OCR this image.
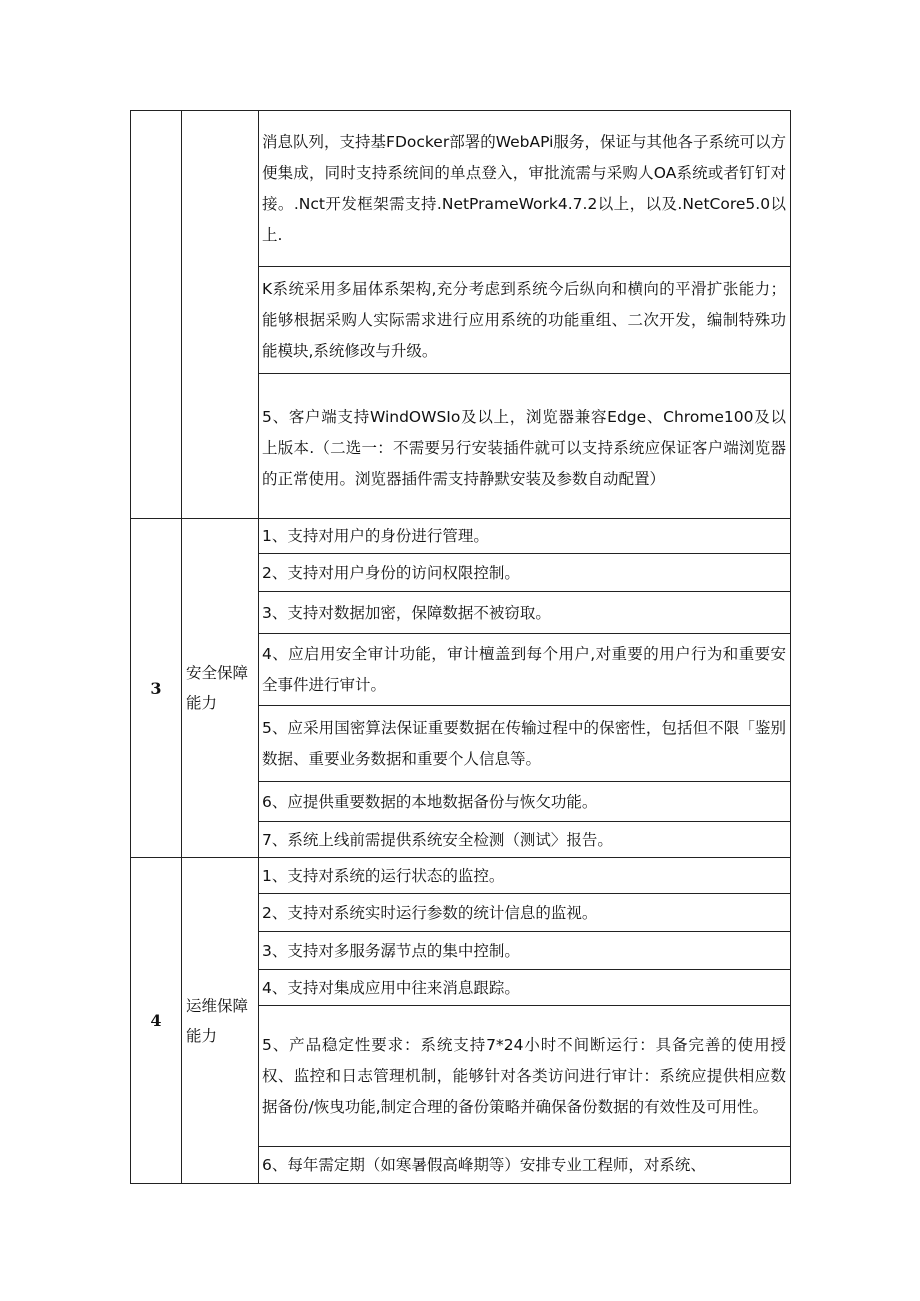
		消息队列，支持基FDocker部署的WebAPi服务，保证与其他各子系统可以方便集成，同时支持系统间的单点登入，审批流需与采购人OA系统或者钉钉对接。.Nct开发框架需支持.NetPrameWork4.7.2以上，以及.NetCore5.0以上.
		K系统采用多届体系架构,充分考虑到系统今后纵向和横向的平滑扩张能力；能够根据采购人实际需求进行应用系统的功能重组、二次开发，编制特殊功能模块,系统修改与升级。
		5、客户端支持WindOWSIo及以上，浏览器兼容Edge、Chrome100及以上版本.（二选一：不需要另行安装插件就可以支持系统应保证客户端浏览器的正常使用。浏览器插件需支持静默安装及参数自动配置）
3	安全保障能力	1、支持对用户的身份进行管理。
		2、支持对用户身份的访问权限控制。
		3、支持对数据加密，保障数据不被窃取。
		4、应启用安全审计功能，审计檀盖到每个用户,对重要的用户行为和重要安全事件进行审计。
		5、应采用国密算法保证重要数据在传输过程中的保密性，包括但不限「鉴别数据、重要业务数据和重要个人信息等。
		6、应提供重要数据的本地数据备份与恢攵功能。
		7、系统上线前需提供系统安全检测（测试〉报告。
4	运维保障能力	1、支持对系统的运行状态的监控。
		2、支持对系统实时运行参数的统计信息的监视。
		3、支持对多服务潺节点的集中控制。
		4、支持对集成应用中往来消息跟踪。
		5、产品稳定性要求：系统支持7*24小时不间断运行：具备完善的使用授权、监控和日志管理机制，能够针对各类访问进行审计：系统应提供相应数据备份/恢曳功能,制定合理的备份策略并确保备份数据的有效性及可用性。
		6、每年需定期（如寒暑假高峰期等）安排专业工程师，对系统、
